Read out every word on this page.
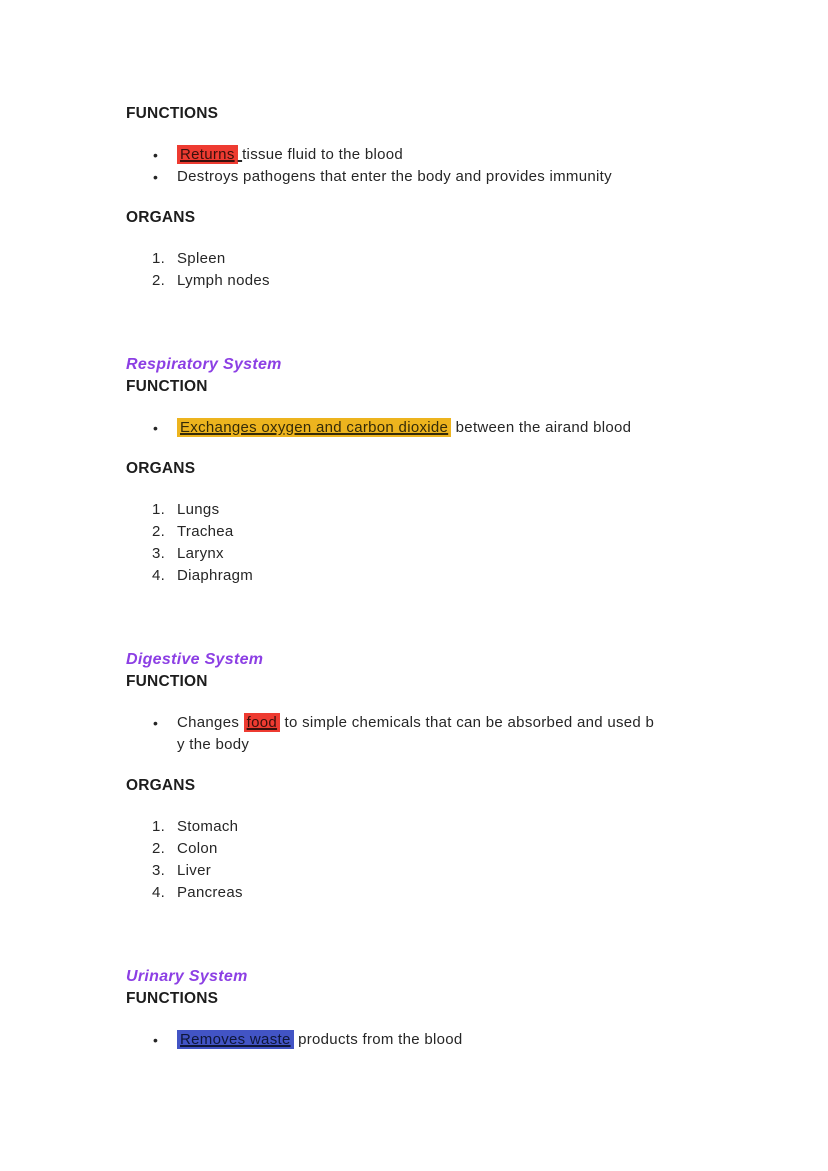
FUNCTIONS
• Returns tissue fluid to the blood
• Destroys pathogens that enter the body and provides immunity
ORGANS
Spleen
Lymph nodes
Respiratory System
FUNCTION
• Exchanges oxygen and carbon dioxide between the airand blood
ORGANS
Lungs
Trachea
Larynx
Diaphragm
Digestive System
FUNCTION
• Changes food to simple chemicals that can be absorbed and used b
y the body
ORGANS
Stomach
Colon
Liver
Pancreas
Urinary System
FUNCTIONS
• Removes waste products from the blood
